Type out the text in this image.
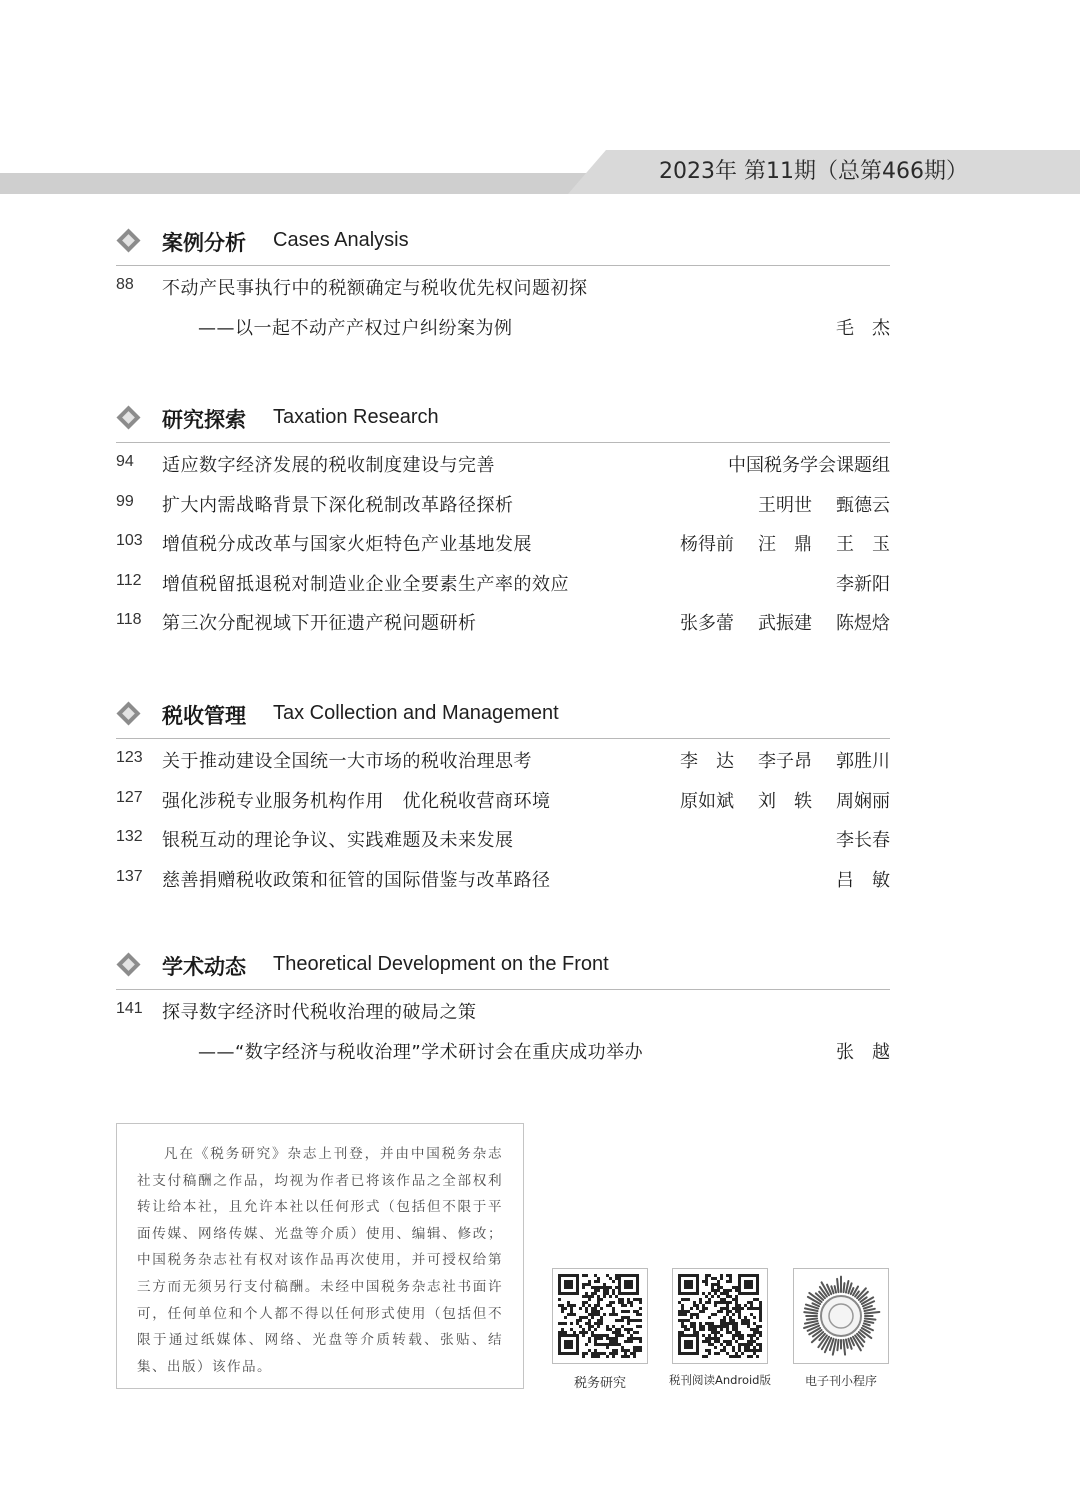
2023年 第11期（总第466期）
案例分析 Cases Analysis
88 不动产民事执行中的税额确定与税收优先权问题初探
——以一起不动产产权过户纠纷案为例	毛　杰
研究探索 Taxation Research
94 适应数字经济发展的税收制度建设与完善	中国税务学会课题组
99 扩大内需战略背景下深化税制改革路径探析	王明世 甄德云
103 增值税分成改革与国家火炬特色产业基地发展	杨得前 汪　鼎 王　玉
112 增值税留抵退税对制造业企业全要素生产率的效应	李新阳
118 第三次分配视域下开征遗产税问题研析	张多蕾 武振建 陈煜焓
税收管理 Tax Collection and Management
123 关于推动建设全国统一大市场的税收治理思考	李　达 李子昂 郭胜川
127 强化涉税专业服务机构作用　优化税收营商环境	原如斌 刘　轶 周娴丽
132 银税互动的理论争议、实践难题及未来发展	李长春
137 慈善捐赠税收政策和征管的国际借鉴与改革路径	吕　敏
学术动态 Theoretical Development on the Front
141 探寻数字经济时代税收治理的破局之策
——“数字经济与税收治理”学术研讨会在重庆成功举办	张　越
凡在《税务研究》杂志上刊登，并由中国税务杂志社支付稿酬之作品，均视为作者已将该作品之全部权利转让给本社，且允许本社以任何形式（包括但不限于平面传媒、网络传媒、光盘等介质）使用、编辑、修改；中国税务杂志社有权对该作品再次使用，并可授权给第三方而无须另行支付稿酬。未经中国税务杂志社书面许可，任何单位和个人都不得以任何形式使用（包括但不限于通过纸媒体、网络、光盘等介质转载、张贴、结集、出版）该作品。
税务研究	税刊阅读Android版	电子刊小程序
